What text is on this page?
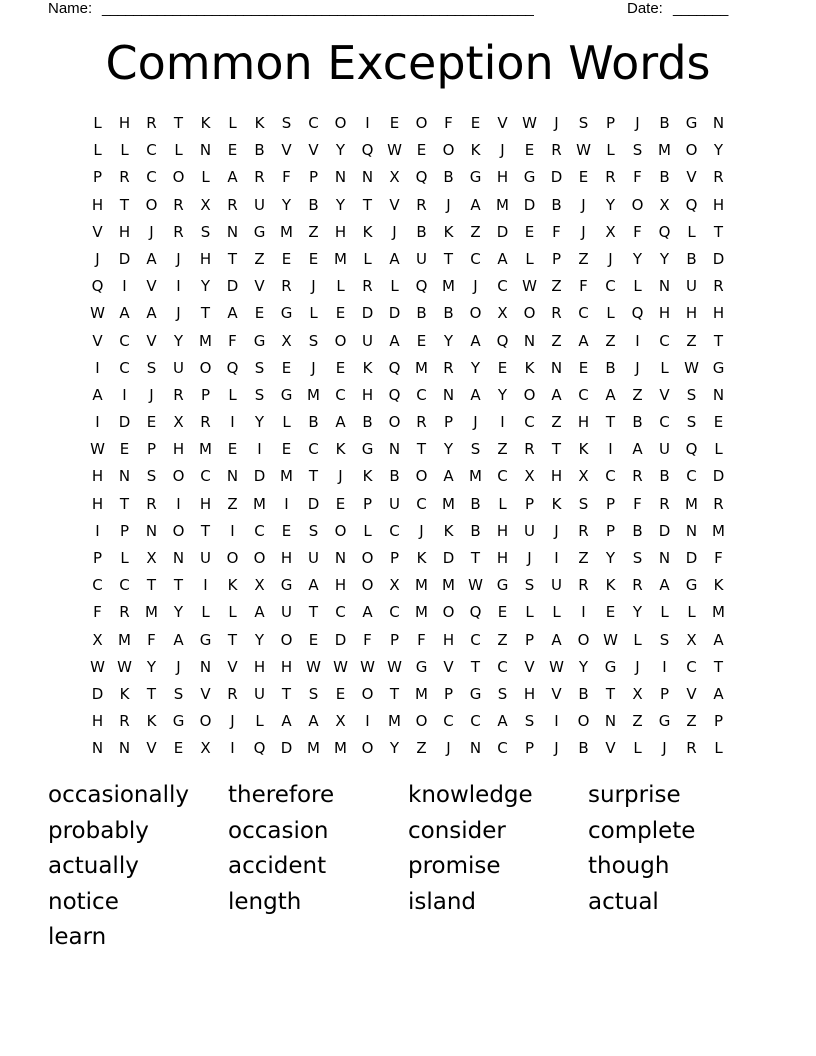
Name: _______________________________________________________	Date: _______
Common Exception Words
L	H	R	T	K	L	K	S	C	O	I	E	O	F	E	V W	J	S	P	J	B	G	N
L	L	C	L	N	E	B	V	V	Y	Q W E	O	K	J	E	R W	L	S	M O	Y
P	R	C	O	L	A	R	F	P	N	N	X	Q	B	G	H	G	D	E	R	F	B	V	R
H	T	O	R	X	R	U	Y	B	Y	T	V	R	J	A	M D	B	J	Y	O	X	Q	H
V	H	J	R	S	N	G M	Z	H	K	J	B	K	Z	D	E	F	J	X	F	Q	L	T
J	D	A	J	H	T	Z	E	E	M	L	A	U	T	C	A	L	P	Z	J	Y	Y	B	D
Q	I	V	I	Y	D	V	R	J	L	R	L	Q M	J	C W Z	F	C	L	N	U	R
W A	A	J	T	A	E	G	L	E	D	D	B	B	O	X	O	R	C	L	Q	H	H	H
V	C	V	Y	M	F	G	X	S	O	U	A	E	Y	A	Q	N	Z	A	Z	I	C	Z	T
I	C	S	U	O	Q	S	E	J	E	K	Q M	R	Y	E	K	N	E	B	J	L	W G
A	I	J	R	P	L	S	G M	C	H	Q	C	N	A	Y	O	A	C	A	Z	V	S	N
I	D	E	X	R	I	Y	L	B	A	B	O	R	P	J	I	C	Z	H	T	B	C	S	E
W E	P	H M	E	I	E	C	K	G	N	T	Y	S	Z	R	T	K	I	A	U	Q	L
H	N	S	O	C	N	D M	T	J	K	B	O	A	M	C	X	H	X	C	R	B	C	D
H	T	R	I	H	Z	M	I	D	E	P	U	C	M	B	L	P	K	S	P	F	R	M	R
I	P	N	O	T	I	C	E	S	O	L	C	J	K	B	H	U	J	R	P	B	D	N M
P	L	X	N	U	O	O	H	U	N	O	P	K	D	T	H	J	I	Z	Y	S	N	D	F
C	C	T	T	I	K	X	G	A	H	O	X	M M W G	S	U	R	K	R	A	G	K
F	R	M	Y	L	L	A	U	T	C	A	C	M O	Q	E	L	L	I	E	Y	L	L	M
X	M	F	A	G	T	Y	O	E	D	F	P	F	H	C	Z	P	A	O W	L	S	X	A
W W Y	J	N	V	H	H W W W W G	V	T	C	V W Y	G	J	I	C	T
D	K	T	S	V	R	U	T	S	E	O	T	M	P	G	S	H	V	B	T	X	P	V	A
H	R	K	G	O	J	L	A	A	X	I	M O	C	C	A	S	I	O	N	Z	G	Z	P
N	N	V	E	X	I	Q	D M M O	Y	Z	J	N	C	P	J	B	V	L	J	R	L
occasionally	therefore	knowledge	surprise
probably	occasion	consider	complete
actually	accident	promise	though
notice	length	island	actual
learn
